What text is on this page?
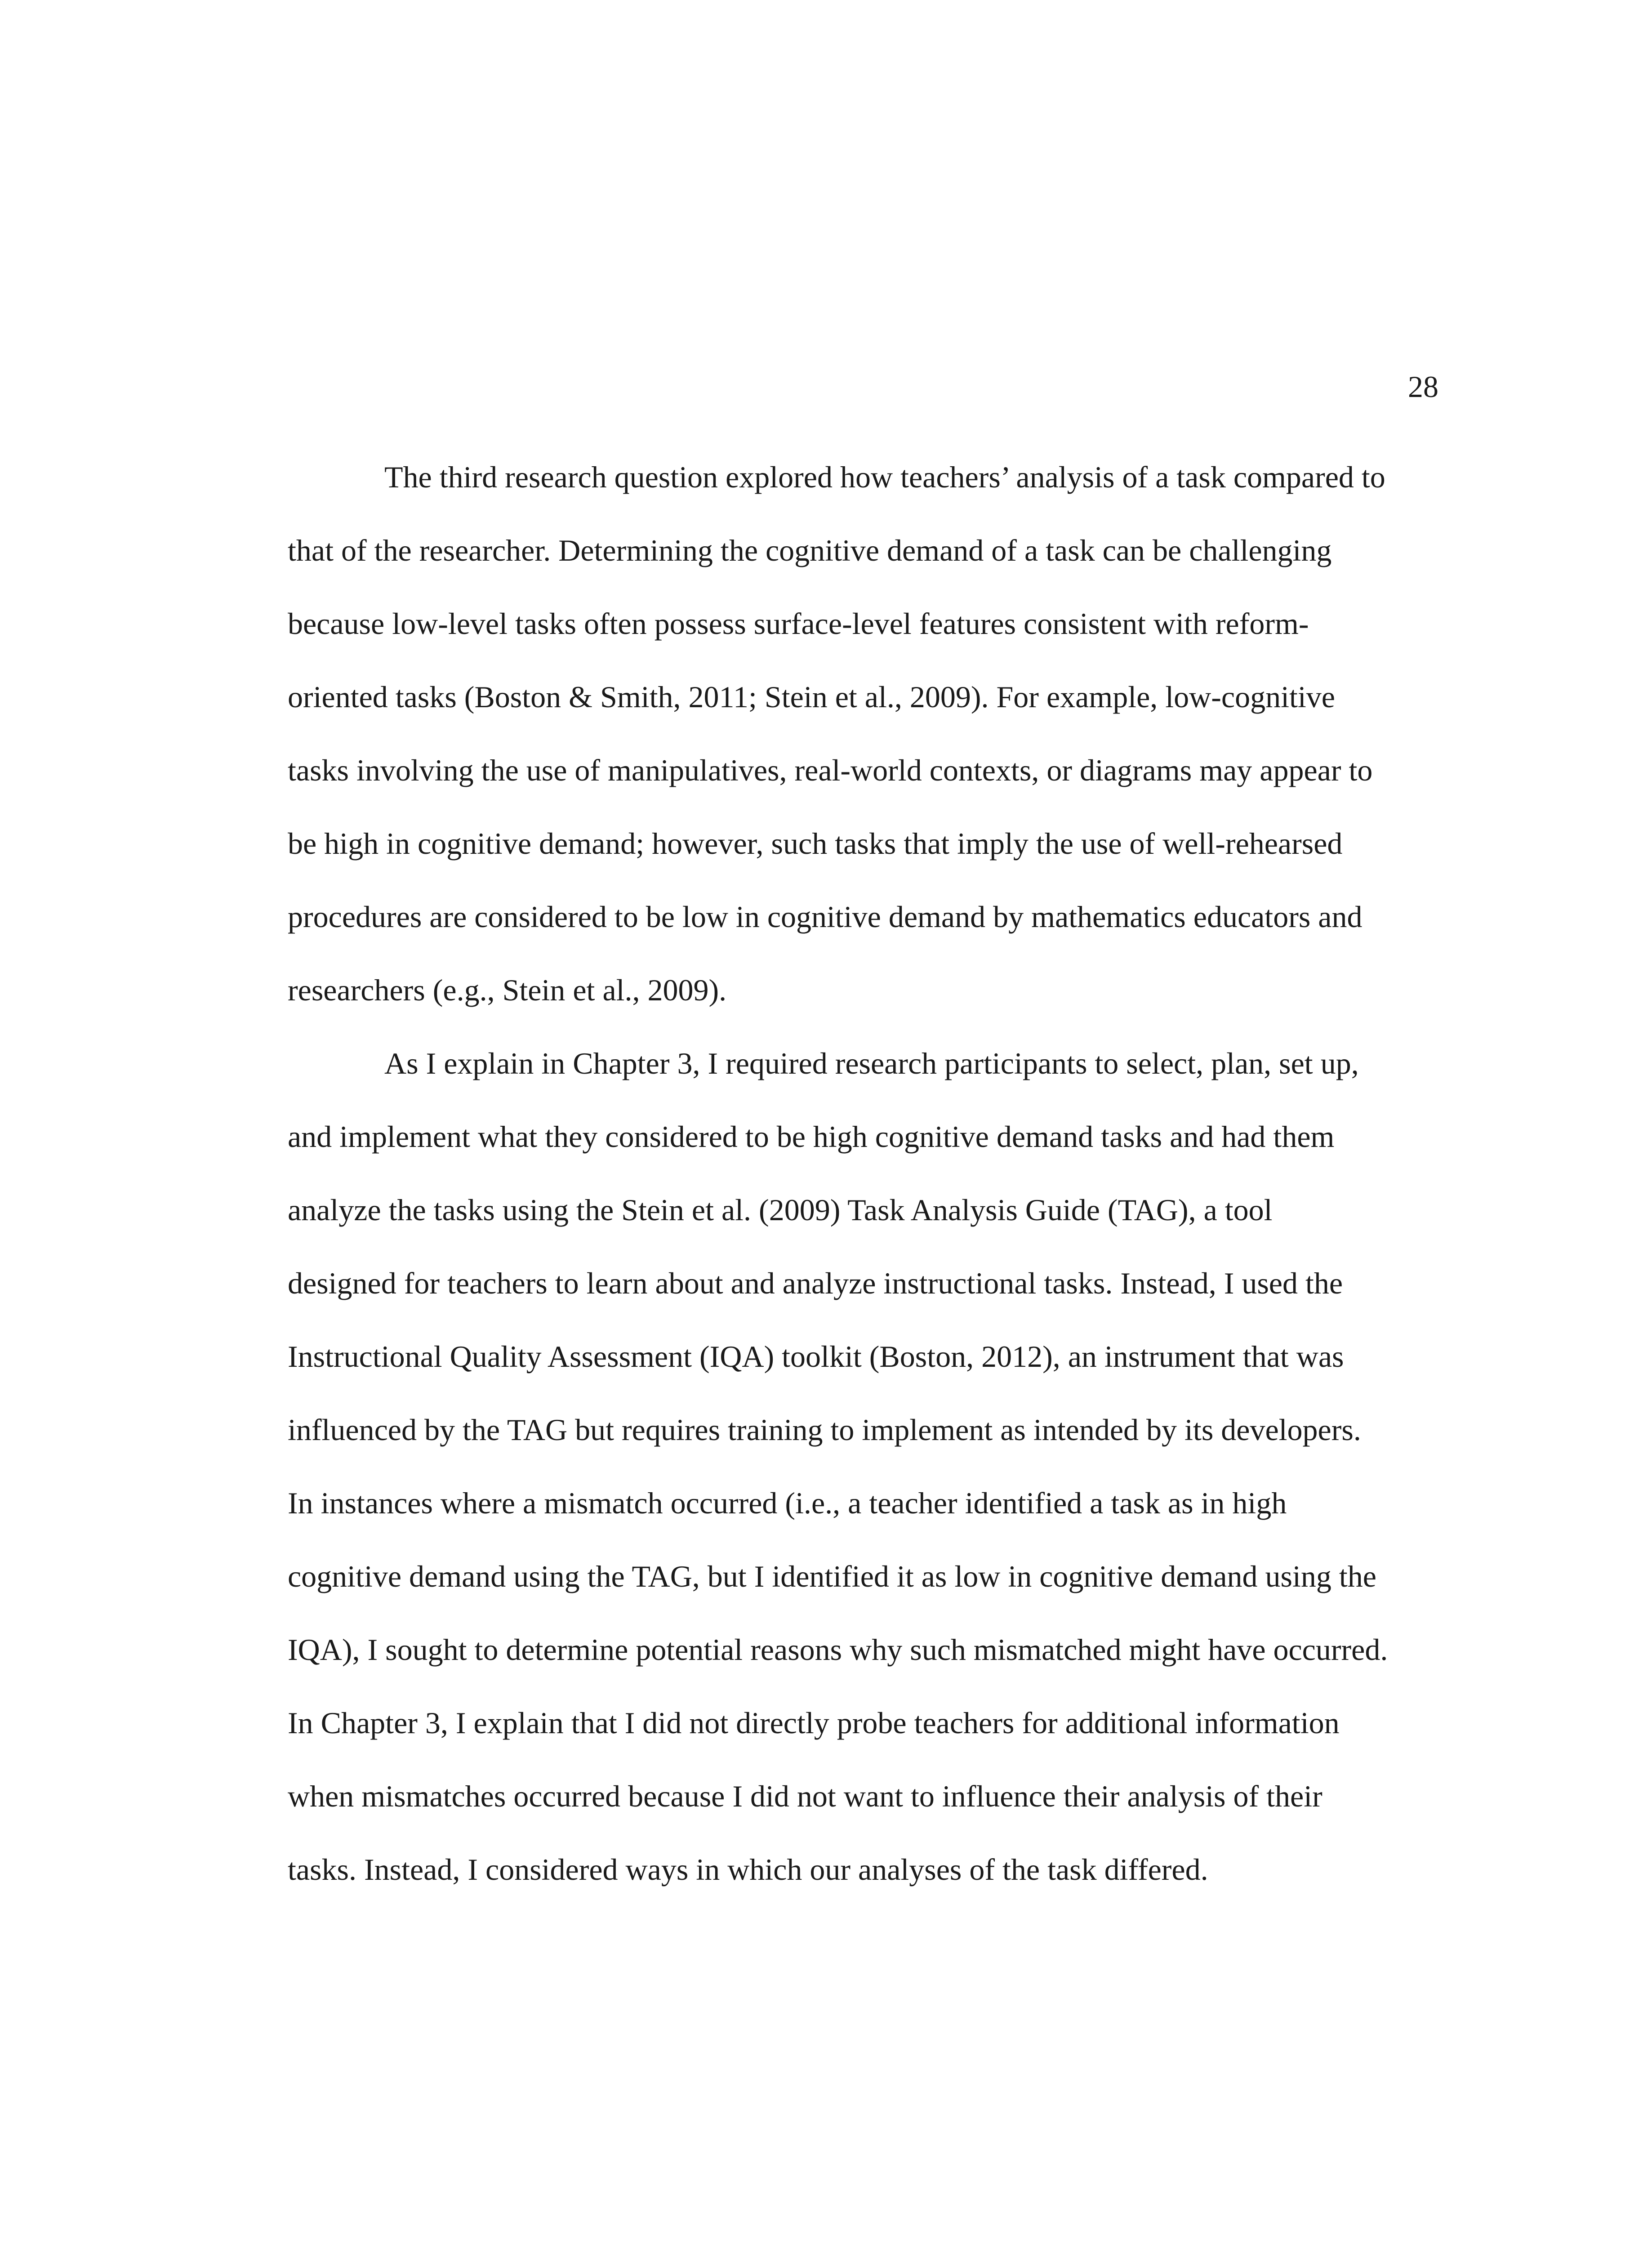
28
The third research question explored how teachers’ analysis of a task compared to
that of the researcher. Determining the cognitive demand of a task can be challenging
because low-level tasks often possess surface-level features consistent with reform-
oriented tasks (Boston & Smith, 2011; Stein et al., 2009). For example, low-cognitive
tasks involving the use of manipulatives, real-world contexts, or diagrams may appear to
be high in cognitive demand; however, such tasks that imply the use of well-rehearsed
procedures are considered to be low in cognitive demand by mathematics educators and
researchers (e.g., Stein et al., 2009).
As I explain in Chapter 3, I required research participants to select, plan, set up,
and implement what they considered to be high cognitive demand tasks and had them
analyze the tasks using the Stein et al. (2009) Task Analysis Guide (TAG), a tool
designed for teachers to learn about and analyze instructional tasks. Instead, I used the
Instructional Quality Assessment (IQA) toolkit (Boston, 2012), an instrument that was
influenced by the TAG but requires training to implement as intended by its developers.
In instances where a mismatch occurred (i.e., a teacher identified a task as in high
cognitive demand using the TAG, but I identified it as low in cognitive demand using the
IQA), I sought to determine potential reasons why such mismatched might have occurred.
In Chapter 3, I explain that I did not directly probe teachers for additional information
when mismatches occurred because I did not want to influence their analysis of their
tasks. Instead, I considered ways in which our analyses of the task differed.
